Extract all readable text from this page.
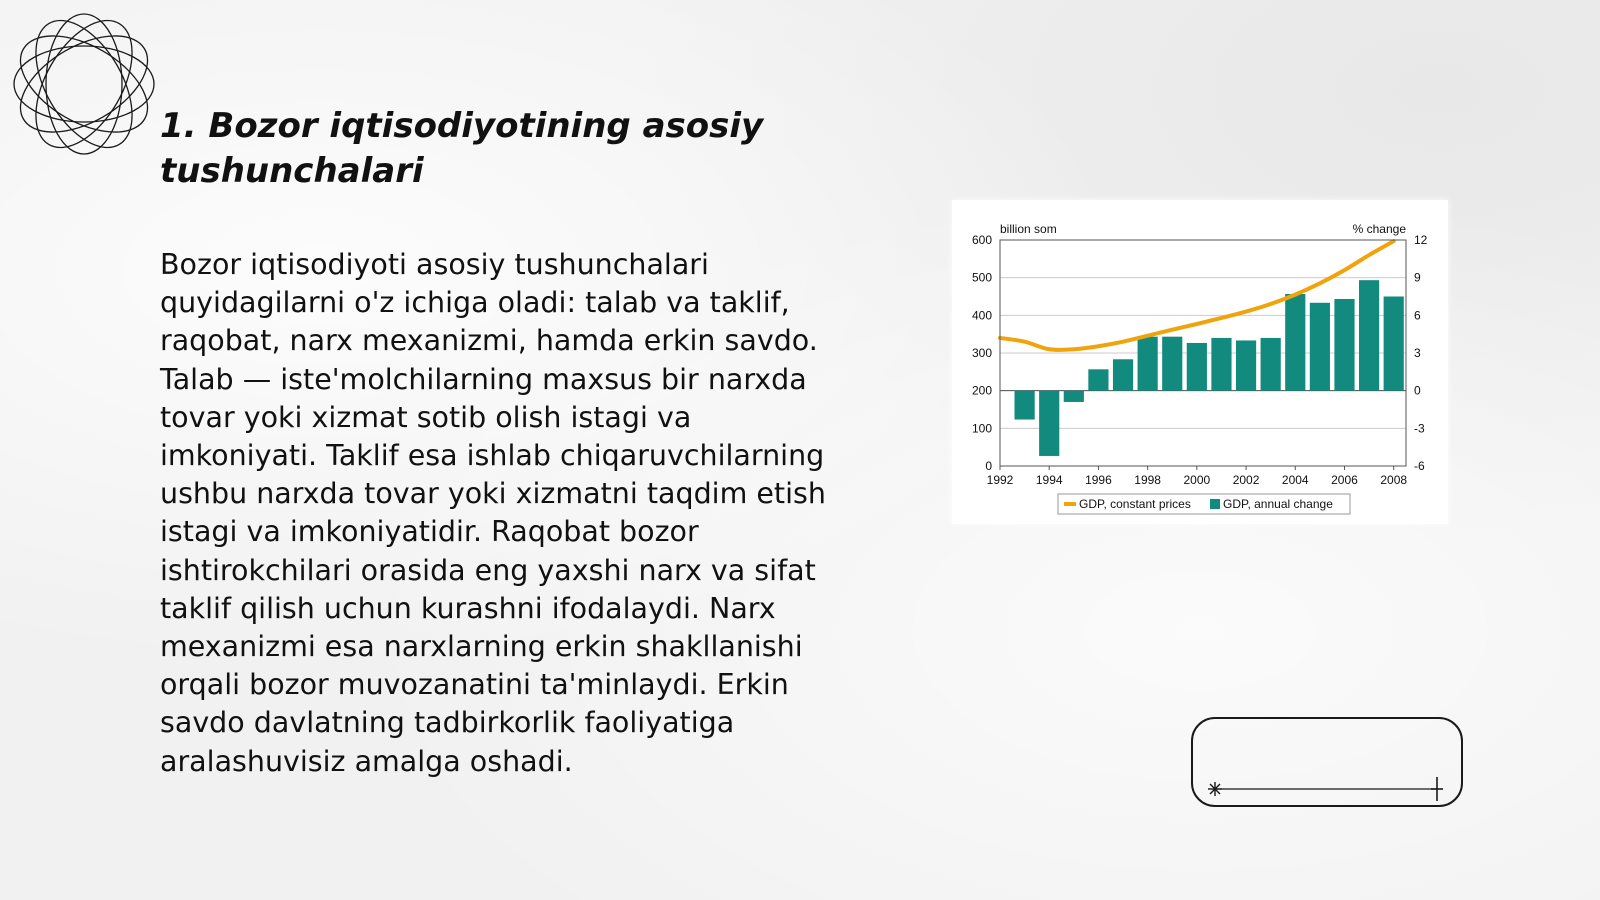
1. Bozor iqtisodiyotining asosiy tushunchalari

Bozor iqtisodiyoti asosiy tushunchalari quyidagilarni o'z ichiga oladi: talab va taklif, raqobat, narx mexanizmi, hamda erkin savdo. Talab — iste'molchilarning maxsus bir narxda tovar yoki xizmat sotib olish istagi va imkoniyati. Taklif esa ishlab chiqaruvchilarning ushbu narxda tovar yoki xizmatni taqdim etish istagi va imkoniyatidir. Raqobat bozor ishtirokchilari orasida eng yaxshi narx va sifat taklif qilish uchun kurashni ifodalaydi. Narx mexanizmi esa narxlarning erkin shakllanishi orqali bozor muvozanatini ta'minlaydi. Erkin savdo davlatning tadbirkorlik faoliyatiga aralashuvisiz amalga oshadi.

0
100
200
300
400
500
600
-6
-3
0
3
6
9
12
1992 1994 1996 1998 2000 2002 2004 2006 2008
billion som	% change
GDP, constant prices	GDP, annual change
